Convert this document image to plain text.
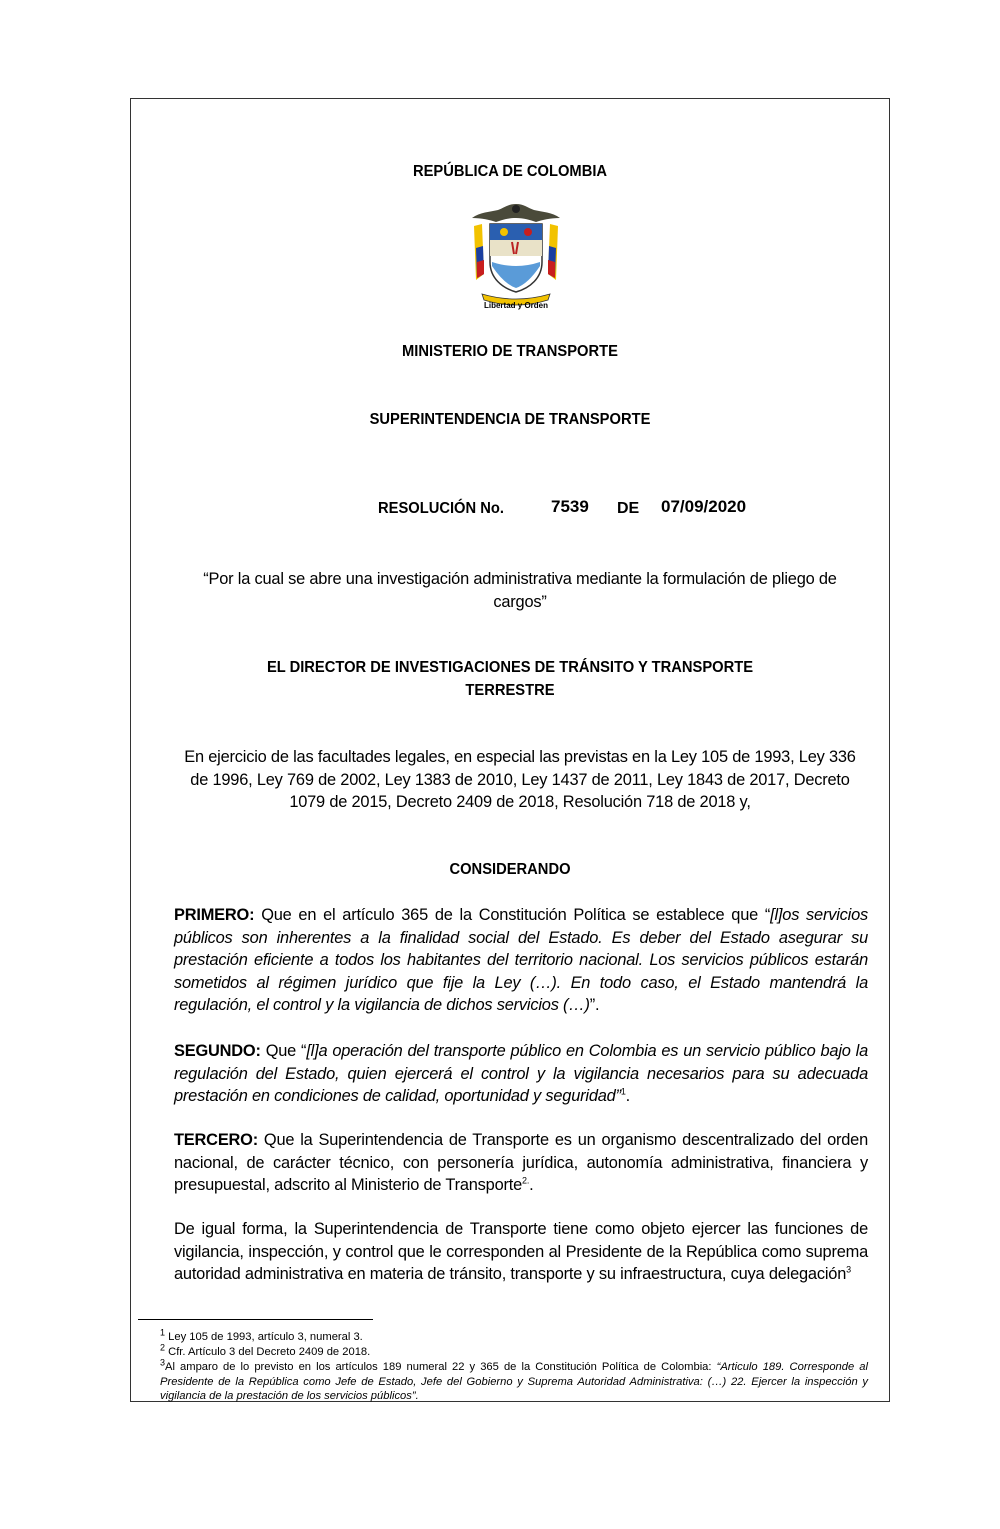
REPÚBLICA DE COLOMBIA
Libertad y Orden
MINISTERIO DE TRANSPORTE
SUPERINTENDENCIA DE TRANSPORTE
RESOLUCIÓN No.	7539 DE 07/09/2020
“Por la cual se abre una investigación administrativa mediante la formulación de pliego de cargos”
EL DIRECTOR DE INVESTIGACIONES DE TRÁNSITO Y TRANSPORTE
TERRESTRE
En ejercicio de las facultades legales, en especial las previstas en la Ley 105 de 1993, Ley 336 de 1996, Ley 769 de 2002, Ley 1383 de 2010, Ley 1437 de 2011, Ley 1843 de 2017, Decreto 1079 de 2015, Decreto 2409 de 2018, Resolución 718 de 2018 y,
CONSIDERANDO
PRIMERO: Que en el artículo 365 de la Constitución Política se establece que “[l]os servicios públicos son inherentes a la finalidad social del Estado. Es deber del Estado asegurar su prestación eficiente a todos los habitantes del territorio nacional. Los servicios públicos estarán sometidos al régimen jurídico que fije la Ley (…). En todo caso, el Estado mantendrá la regulación, el control y la vigilancia de dichos servicios (…)”.
SEGUNDO: Que “[l]a operación del transporte público en Colombia es un servicio público bajo la regulación del Estado, quien ejercerá el control y la vigilancia necesarios para su adecuada prestación en condiciones de calidad, oportunidad y seguridad”$^1$.
TERCERO: Que la Superintendencia de Transporte es un organismo descentralizado del orden nacional, de carácter técnico, con personería jurídica, autonomía administrativa, financiera y presupuestal, adscrito al Ministerio de Transporte$^{2.}$.
De igual forma, la Superintendencia de Transporte tiene como objeto ejercer las funciones de vigilancia, inspección, y control que le corresponden al Presidente de la República como suprema autoridad administrativa en materia de tránsito, transporte y su infraestructura, cuya delegación$^3$
$^1$ Ley 105 de 1993, artículo 3, numeral 3.
$^2$ Cfr. Artículo 3 del Decreto 2409 de 2018.
$^3$Al amparo de lo previsto en los artículos 189 numeral 22 y 365 de la Constitución Política de Colombia: “Articulo 189. Corresponde al Presidente de la República como Jefe de Estado, Jefe del Gobierno y Suprema Autoridad Administrativa: (…) 22. Ejercer la inspección y vigilancia de la prestación de los servicios públicos”.
